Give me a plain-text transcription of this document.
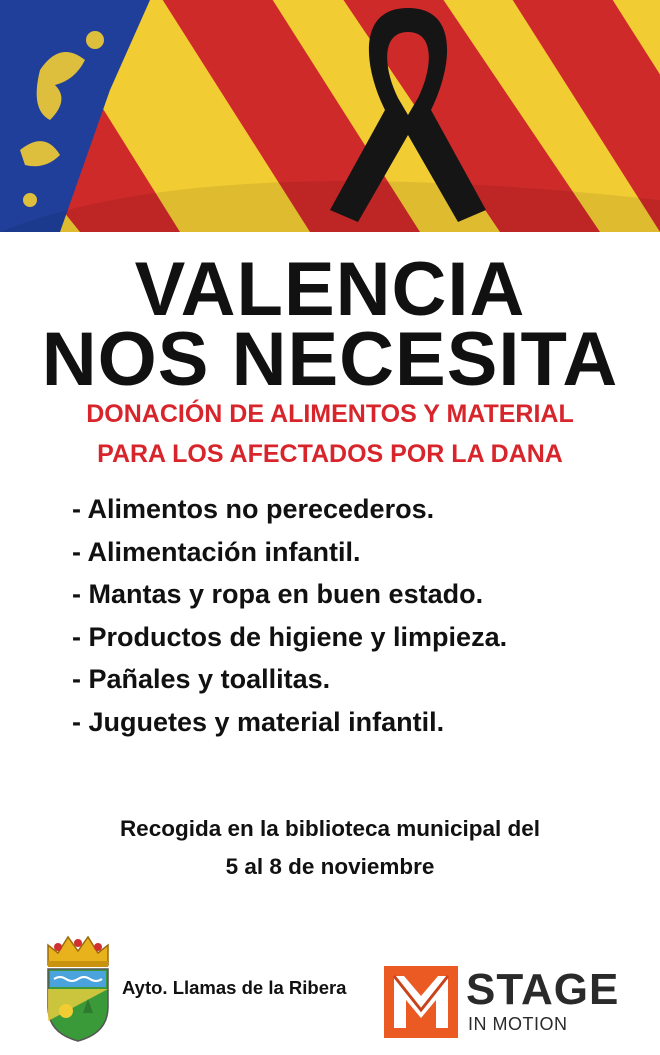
VALENCIA
NOS NECESITA
DONACIÓN DE ALIMENTOS Y MATERIAL
PARA LOS AFECTADOS POR LA DANA
- Alimentos no perecederos.
- Alimentación infantil.
- Mantas y ropa en buen estado.
- Productos de higiene y limpieza.
- Pañales y toallitas.
- Juguetes y material infantil.
Recogida en la biblioteca municipal del
5 al 8 de noviembre
Ayto. Llamas de la Ribera	STAGE
IN MOTION
